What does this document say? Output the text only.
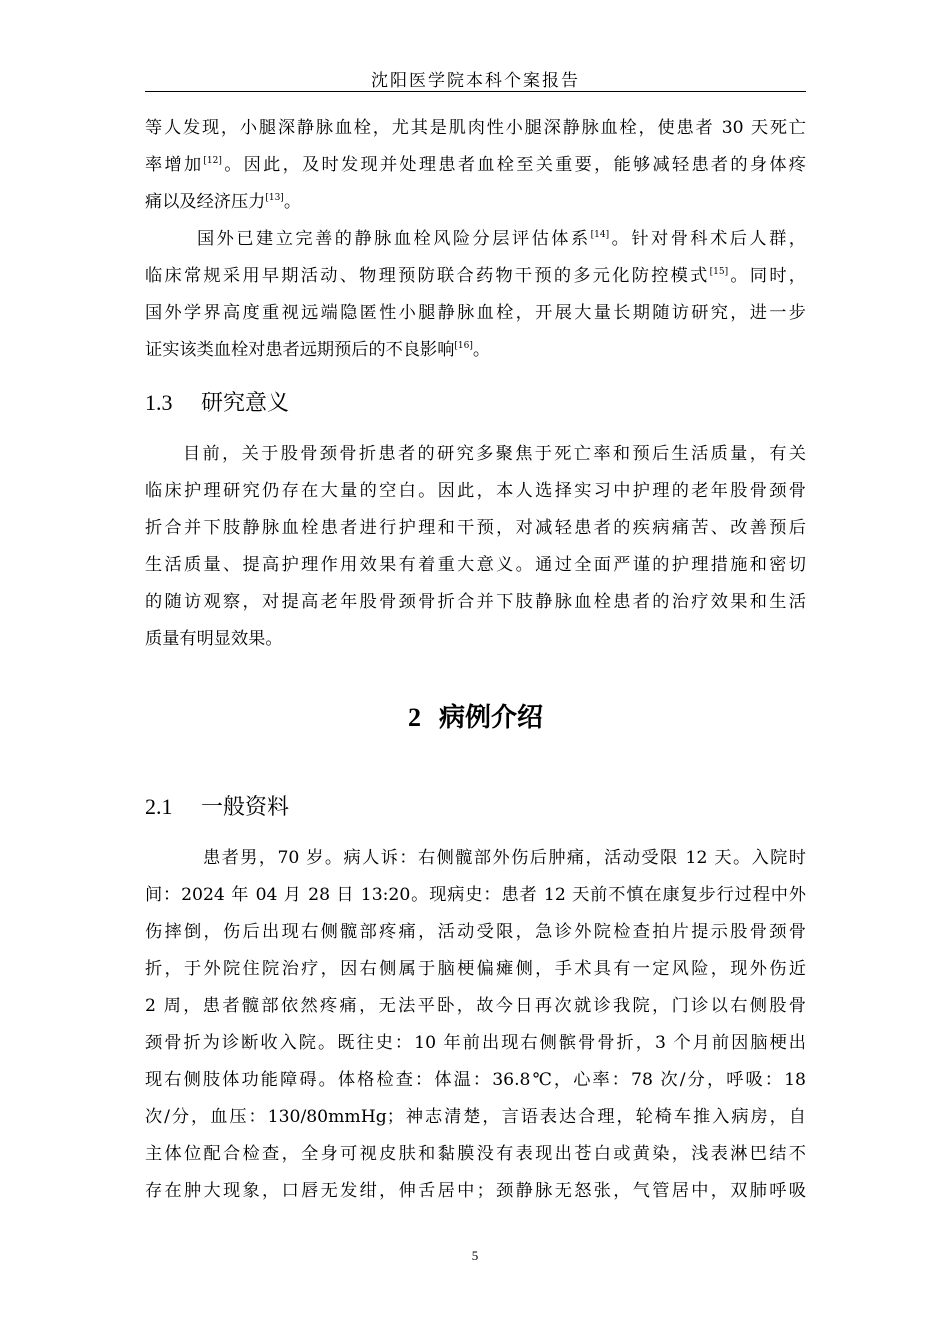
沈阳医学院本科个案报告
等人发现，小腿深静脉血栓，尤其是肌肉性小腿深静脉血栓，使患者 30 天死亡
率增加[12]。因此，及时发现并处理患者血栓至关重要，能够减轻患者的身体疼
痛以及经济压力[13]。
国外已建立完善的静脉血栓风险分层评估体系[14]。针对骨科术后人群，
临床常规采用早期活动、物理预防联合药物干预的多元化防控模式[15]。同时，
国外学界高度重视远端隐匿性小腿静脉血栓，开展大量长期随访研究，进一步
证实该类血栓对患者远期预后的不良影响[16]。
1.3 研究意义
目前，关于股骨颈骨折患者的研究多聚焦于死亡率和预后生活质量，有关
临床护理研究仍存在大量的空白。因此，本人选择实习中护理的老年股骨颈骨
折合并下肢静脉血栓患者进行护理和干预，对减轻患者的疾病痛苦、改善预后
生活质量、提高护理作用效果有着重大意义。通过全面严谨的护理措施和密切
的随访观察，对提高老年股骨颈骨折合并下肢静脉血栓患者的治疗效果和生活
质量有明显效果。
2 病例介绍
2.1 一般资料
患者男，70 岁。病人诉：右侧髋部外伤后肿痛，活动受限 12 天。入院时
间：2024 年 04 月 28 日 13:20。现病史：患者 12 天前不慎在康复步行过程中外
伤摔倒，伤后出现右侧髋部疼痛，活动受限，急诊外院检查拍片提示股骨颈骨
折，于外院住院治疗，因右侧属于脑梗偏瘫侧，手术具有一定风险，现外伤近
2 周，患者髋部依然疼痛，无法平卧，故今日再次就诊我院，门诊以右侧股骨
颈骨折为诊断收入院。既往史：10 年前出现右侧髌骨骨折，3 个月前因脑梗出
现右侧肢体功能障碍。体格检查：体温：36.8℃，心率：78 次/分，呼吸：18
次/分，血压：130/80mmHg；神志清楚，言语表达合理，轮椅车推入病房，自
主体位配合检查，全身可视皮肤和黏膜没有表现出苍白或黄染，浅表淋巴结不
存在肿大现象，口唇无发绀，伸舌居中；颈静脉无怒张，气管居中，双肺呼吸
5
